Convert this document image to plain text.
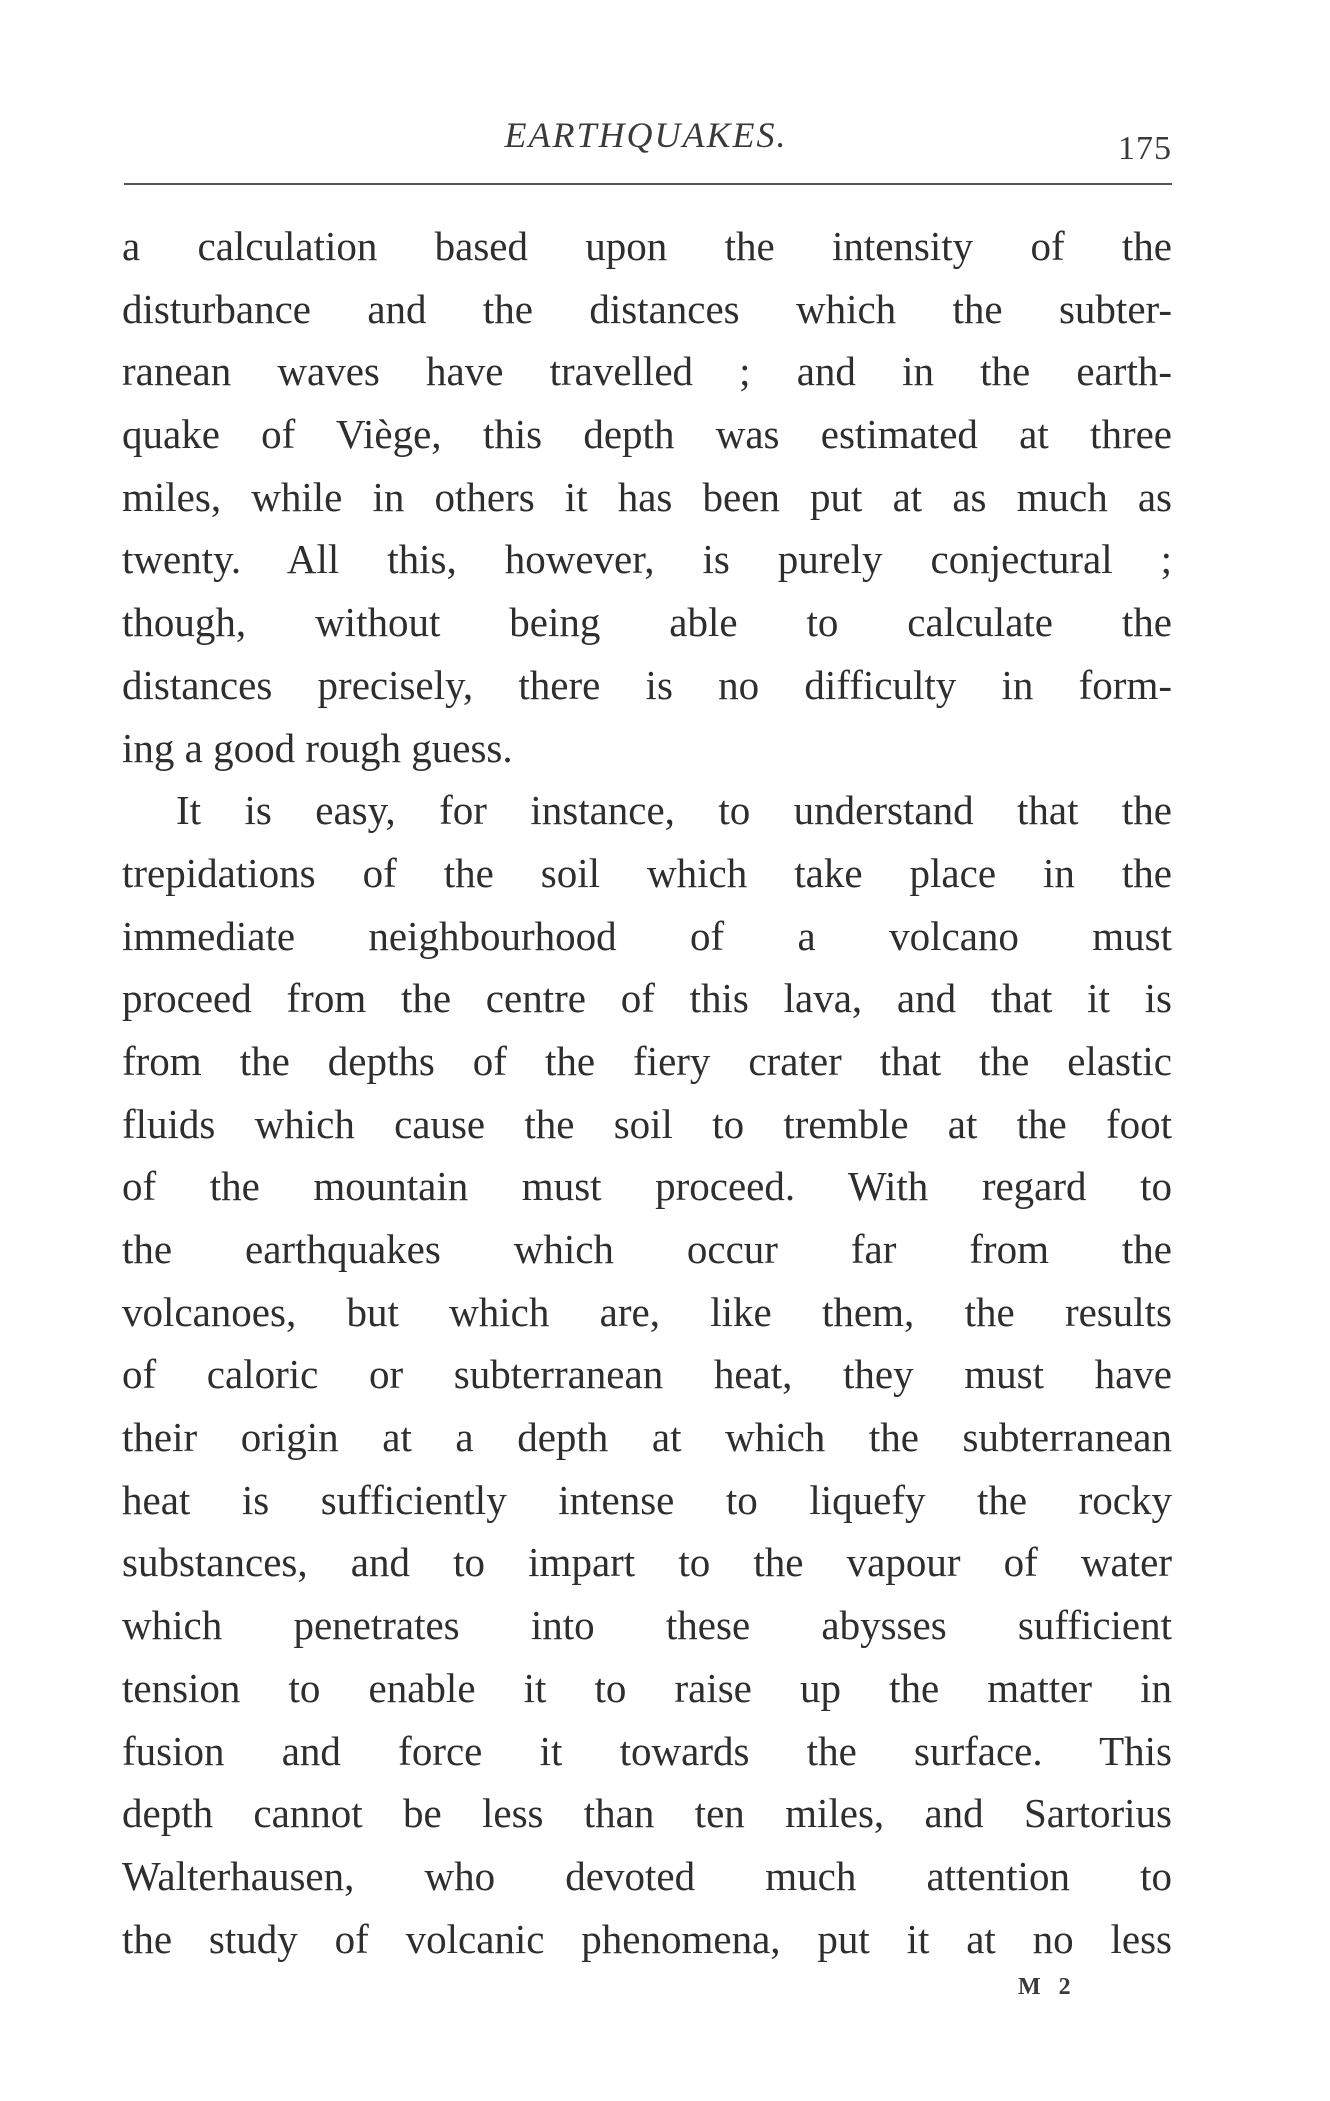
EARTHQUAKES.	175
a calculation based upon the intensity of the
disturbance and the distances which the subter-
ranean waves have travelled ; and in the earth-
quake of Viège, this depth was estimated at three
miles, while in others it has been put at as much as
twenty. All this, however, is purely conjectural ;
though, without being able to calculate the
distances precisely, there is no difficulty in form-
ing a good rough guess.
It is easy, for instance, to understand that the
trepidations of the soil which take place in the
immediate neighbourhood of a volcano must
proceed from the centre of this lava, and that it is
from the depths of the fiery crater that the elastic
fluids which cause the soil to tremble at the foot
of the mountain must proceed. With regard to
the earthquakes which occur far from the
volcanoes, but which are, like them, the results
of caloric or subterranean heat, they must have
their origin at a depth at which the subterranean
heat is sufficiently intense to liquefy the rocky
substances, and to impart to the vapour of water
which penetrates into these abysses sufficient
tension to enable it to raise up the matter in
fusion and force it towards the surface. This
depth cannot be less than ten miles, and Sartorius
Walterhausen, who devoted much attention to
the study of volcanic phenomena, put it at no less
M 2
